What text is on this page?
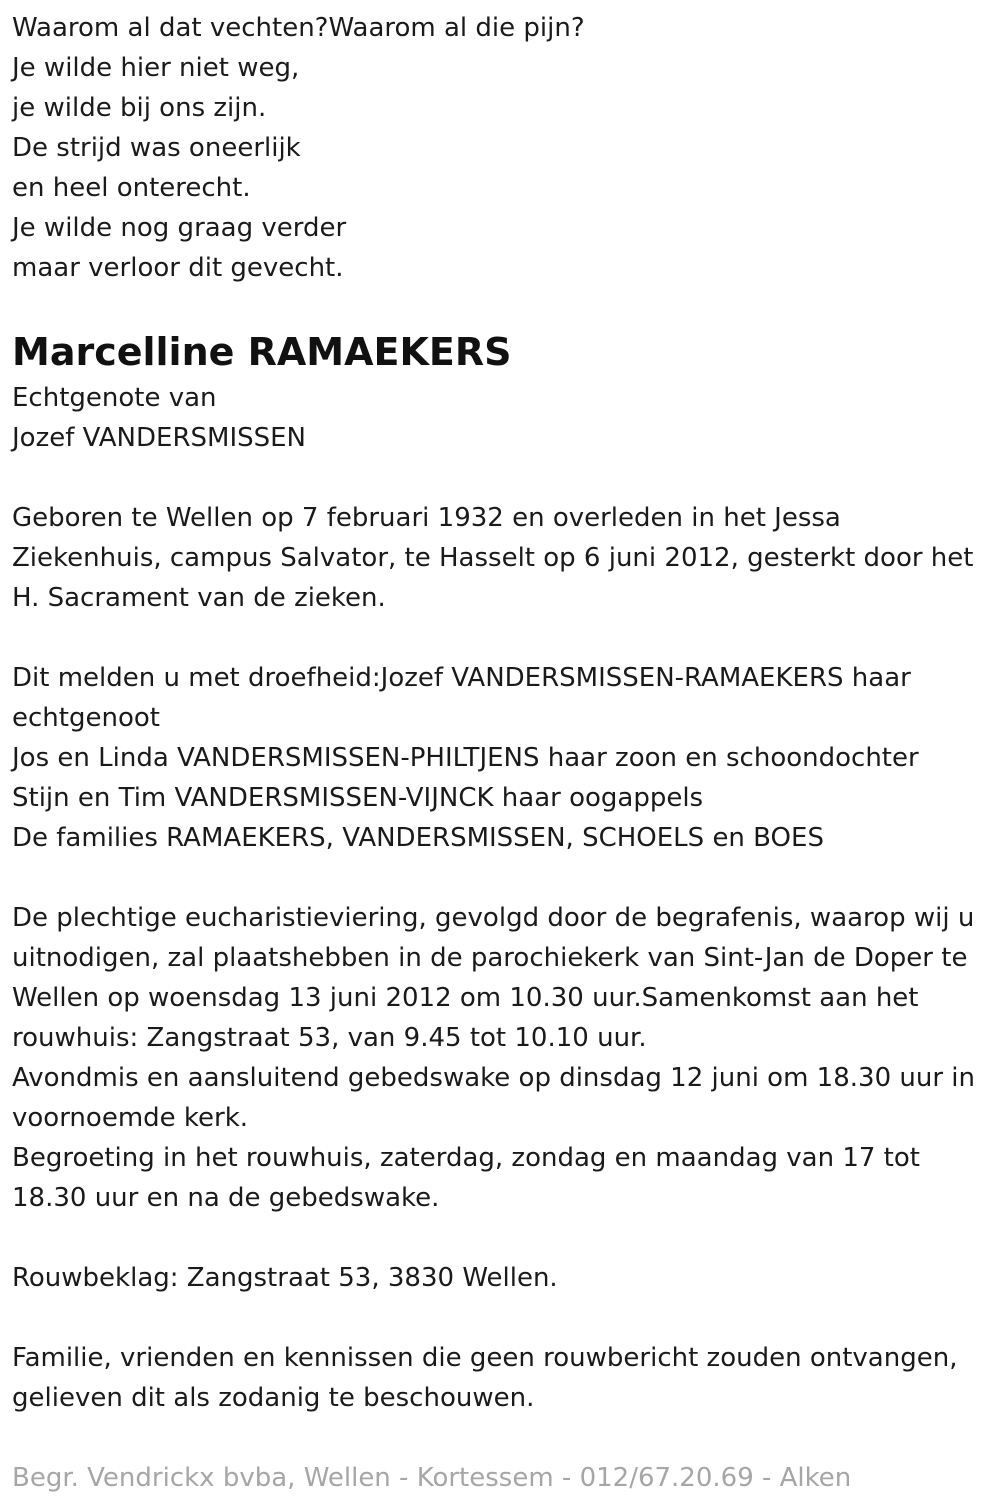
Waarom al dat vechten?Waarom al die pijn?

Je wilde hier niet weg,

je wilde bij ons zijn.

De strijd was oneerlijk

en heel onterecht.

Je wilde nog graag verder

maar verloor dit gevecht.

Marcelline RAMAEKERS

Echtgenote van

Jozef VANDERSMISSEN

Geboren te Wellen op 7 februari 1932 en overleden in het Jessa Ziekenhuis, campus Salvator, te Hasselt op 6 juni 2012, gesterkt door het H. Sacrament van de zieken.

Dit melden u met droefheid:Jozef VANDERSMISSEN-RAMAEKERS haar echtgenoot

Jos en Linda VANDERSMISSEN-PHILTJENS haar zoon en schoondochter

Stijn en Tim VANDERSMISSEN-VIJNCK haar oogappels

De families RAMAEKERS, VANDERSMISSEN, SCHOELS en BOES

De plechtige eucharistieviering, gevolgd door de begrafenis, waarop wij u uitnodigen, zal plaatshebben in de parochiekerk van Sint-Jan de Doper te Wellen op woensdag 13 juni 2012 om 10.30 uur.Samenkomst aan het rouwhuis: Zangstraat 53, van 9.45 tot 10.10 uur.

Avondmis en aansluitend gebedswake op dinsdag 12 juni om 18.30 uur in voornoemde kerk.

Begroeting in het rouwhuis, zaterdag, zondag en maandag van 17 tot 18.30 uur en na de gebedswake.

Rouwbeklag: Zangstraat 53, 3830 Wellen.

Familie, vrienden en kennissen die geen rouwbericht zouden ontvangen, gelieven dit als zodanig te beschouwen.

Begr. Vendrickx bvba, Wellen - Kortessem - 012/67.20.69 - Alken
